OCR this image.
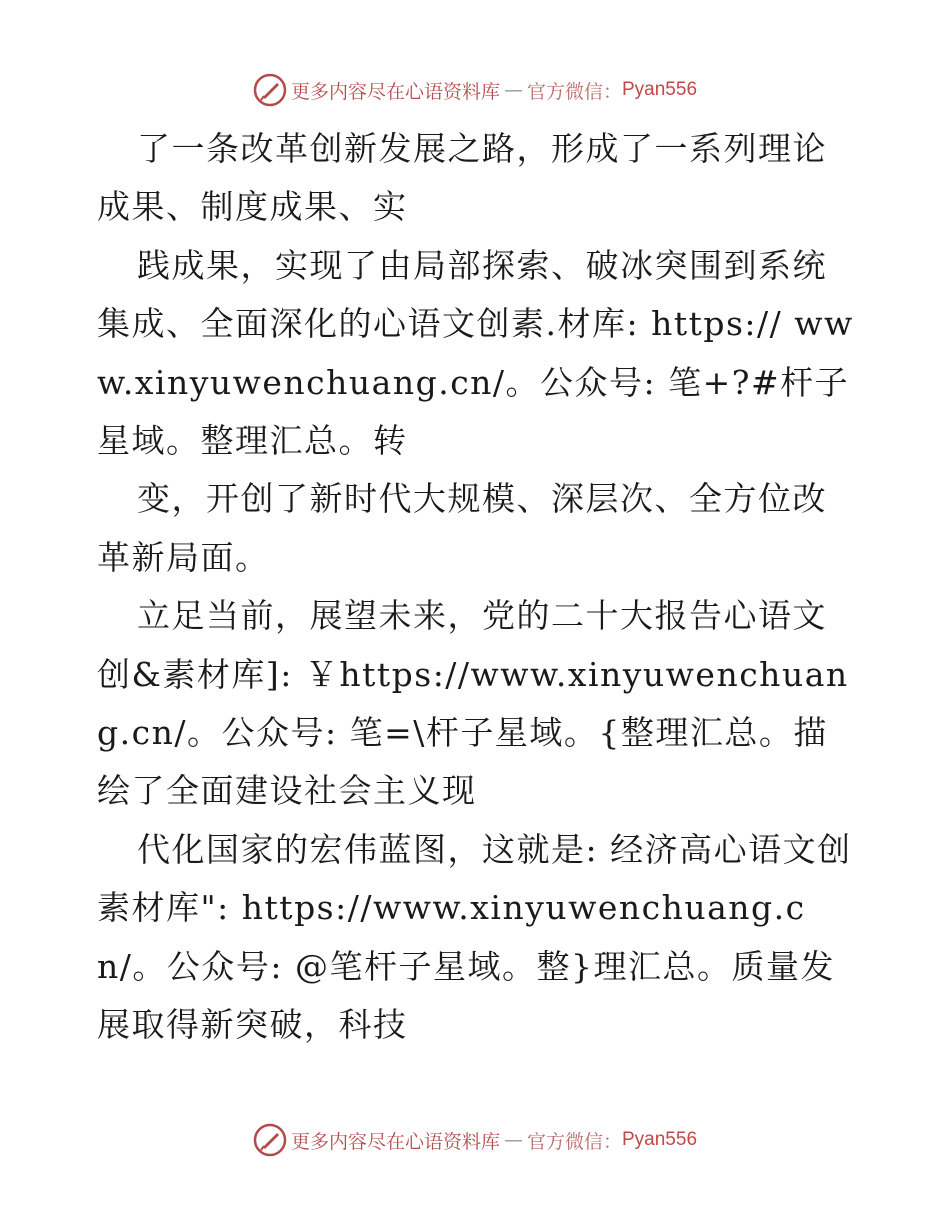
更多内容尽在心语资料库 — 官方微信： Pyan556

了一条改革创新发展之路，形成了一系列理论成果、制度成果、实

践成果，实现了由局部探索、破冰突围到系统集成、全面深化的心语文创素.材库: https:// www.xinyuwenchuang.cn/。公众号: 笔+?#杆子星域。整理汇总。转

变，开创了新时代大规模、深层次、全方位改革新局面。

立足当前，展望未来，党的二十大报告心语文创&素材库]: ￥https://www.xinyuwenchuang.cn/。公众号: 笔=\杆子星域。{整理汇总。描绘了全面建设社会主义现

代化国家的宏伟蓝图，这就是: 经济高心语文创素材库": https://www.xinyuwenchuang.cn/。公众号: @笔杆子星域。整}理汇总。质量发展取得新突破，科技

更多内容尽在心语资料库 — 官方微信： Pyan556
